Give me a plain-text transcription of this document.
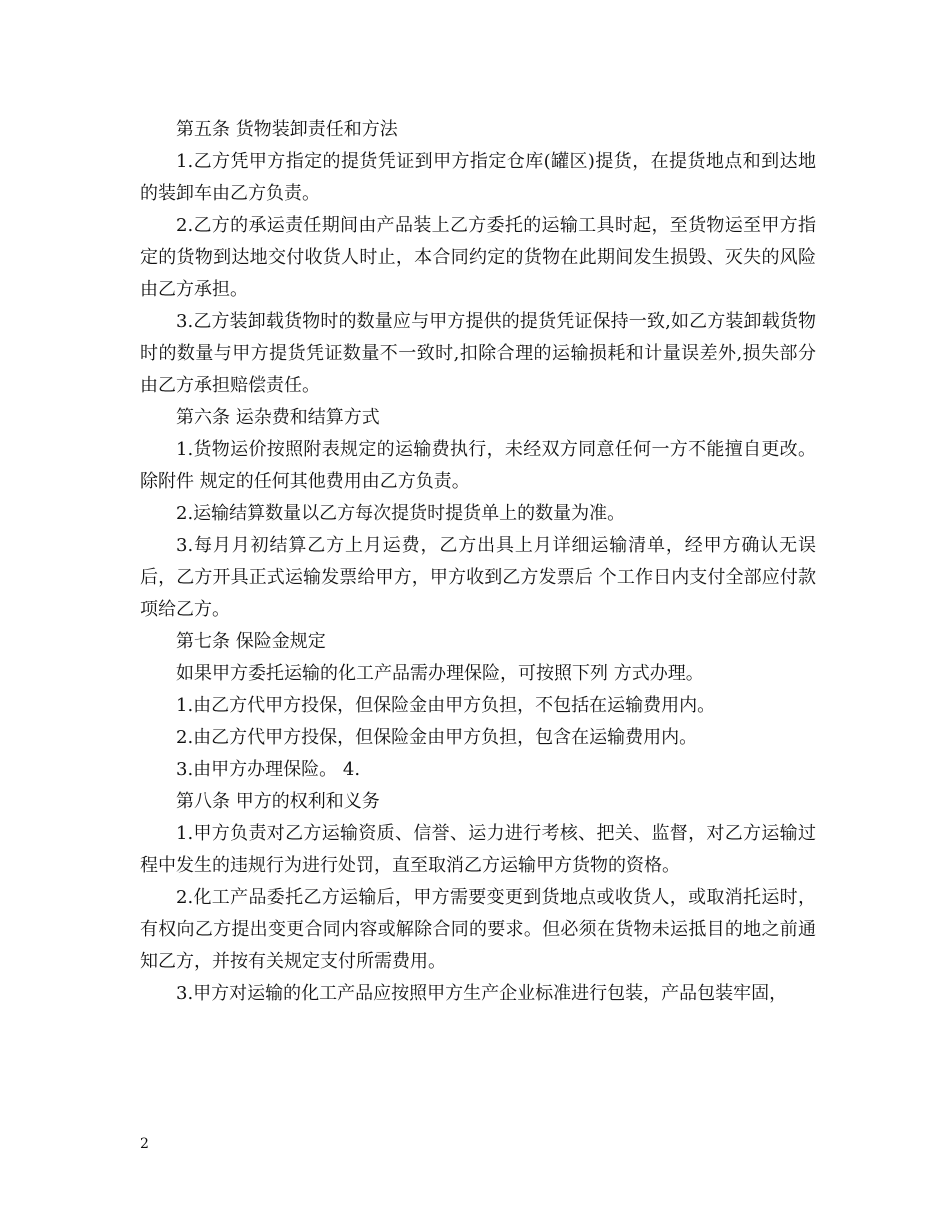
第五条 货物装卸责任和方法

1.乙方凭甲方指定的提货凭证到甲方指定仓库(罐区)提货，在提货地点和到达地的装卸车由乙方负责。

2.乙方的承运责任期间由产品装上乙方委托的运输工具时起，至货物运至甲方指定的货物到达地交付收货人时止，本合同约定的货物在此期间发生损毁、灭失的风险由乙方承担。

3.乙方装卸载货物时的数量应与甲方提供的提货凭证保持一致,如乙方装卸载货物时的数量与甲方提货凭证数量不一致时,扣除合理的运输损耗和计量误差外,损失部分由乙方承担赔偿责任。

第六条 运杂费和结算方式

1.货物运价按照附表规定的运输费执行，未经双方同意任何一方不能擅自更改。除附件 规定的任何其他费用由乙方负责。

2.运输结算数量以乙方每次提货时提货单上的数量为准。

3.每月月初结算乙方上月运费，乙方出具上月详细运输清单，经甲方确认无误后，乙方开具正式运输发票给甲方，甲方收到乙方发票后 个工作日内支付全部应付款项给乙方。

第七条 保险金规定

如果甲方委托运输的化工产品需办理保险，可按照下列 方式办理。

1.由乙方代甲方投保，但保险金由甲方负担，不包括在运输费用内。

2.由乙方代甲方投保，但保险金由甲方负担，包含在运输费用内。

3.由甲方办理保险。 4.

第八条 甲方的权利和义务

1.甲方负责对乙方运输资质、信誉、运力进行考核、把关、监督，对乙方运输过程中发生的违规行为进行处罚，直至取消乙方运输甲方货物的资格。

2.化工产品委托乙方运输后，甲方需要变更到货地点或收货人，或取消托运时，有权向乙方提出变更合同内容或解除合同的要求。但必须在货物未运抵目的地之前通知乙方，并按有关规定支付所需费用。

3.甲方对运输的化工产品应按照甲方生产企业标准进行包装，产品包装牢固，

2
